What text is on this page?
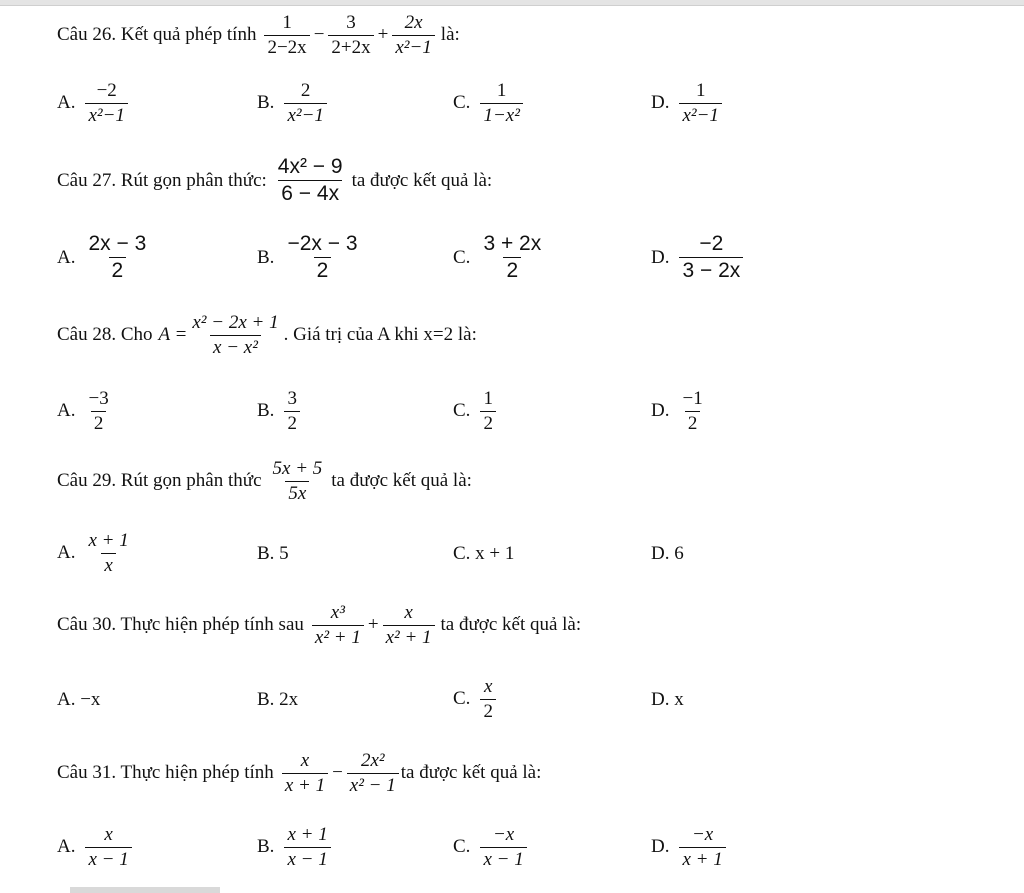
Câu 26. Kết quả phép tính $\frac{1}{2-2x} - \frac{3}{2+2x} + \frac{2x}{\text{x²−1}}$ là:
A. $\frac{-2}{\text{x²−1}}$	B. $\frac{2}{\text{x²−1}}$	C. $\frac{1}{\text{1−x²}}$	D. $\frac{1}{\text{x²−1}}$
Câu 27. Rút gọn phân thức: $\frac{\text{4x² − 9}}{6 - 4x}$ ta được kết quả là:
A. $\frac{2x - 3}{2}$	B. $\frac{-2x - 3}{2}$	C. $\frac{3 + 2x}{2}$	D. $\frac{-2}{3 - 2x}$
Câu 28. Cho $A = \frac{\text{x² − 2x + 1}}{\text{x − x²}}$ . Giá trị của A khi x=2 là:
A. $\frac{-3}{2}$	B. $\frac{3}{2}$	C. $\frac{1}{2}$	D. $\frac{-1}{2}$
Câu 29. Rút gọn phân thức $\frac{5x + 5}{5x}$ ta được kết quả là:
A. $\frac{x + 1}{x}$	B. 5	C. x + 1	D. 6
Câu 30. Thực hiện phép tính sau $\frac{\text{x³}}{\text{x² + 1}} + \frac{x}{\text{x² + 1}}$ ta được kết quả là:
A. −x	B. 2x	C. $\frac{x}{2}$	D. x
Câu 31. Thực hiện phép tính $\frac{x}{x + 1} - \frac{\text{2x²}}{\text{x² − 1}}$ ta được kết quả là:
A. $\frac{x}{x - 1}$	B. $\frac{x + 1}{x - 1}$	C. $\frac{-x}{x - 1}$	D. $\frac{-x}{x + 1}$
